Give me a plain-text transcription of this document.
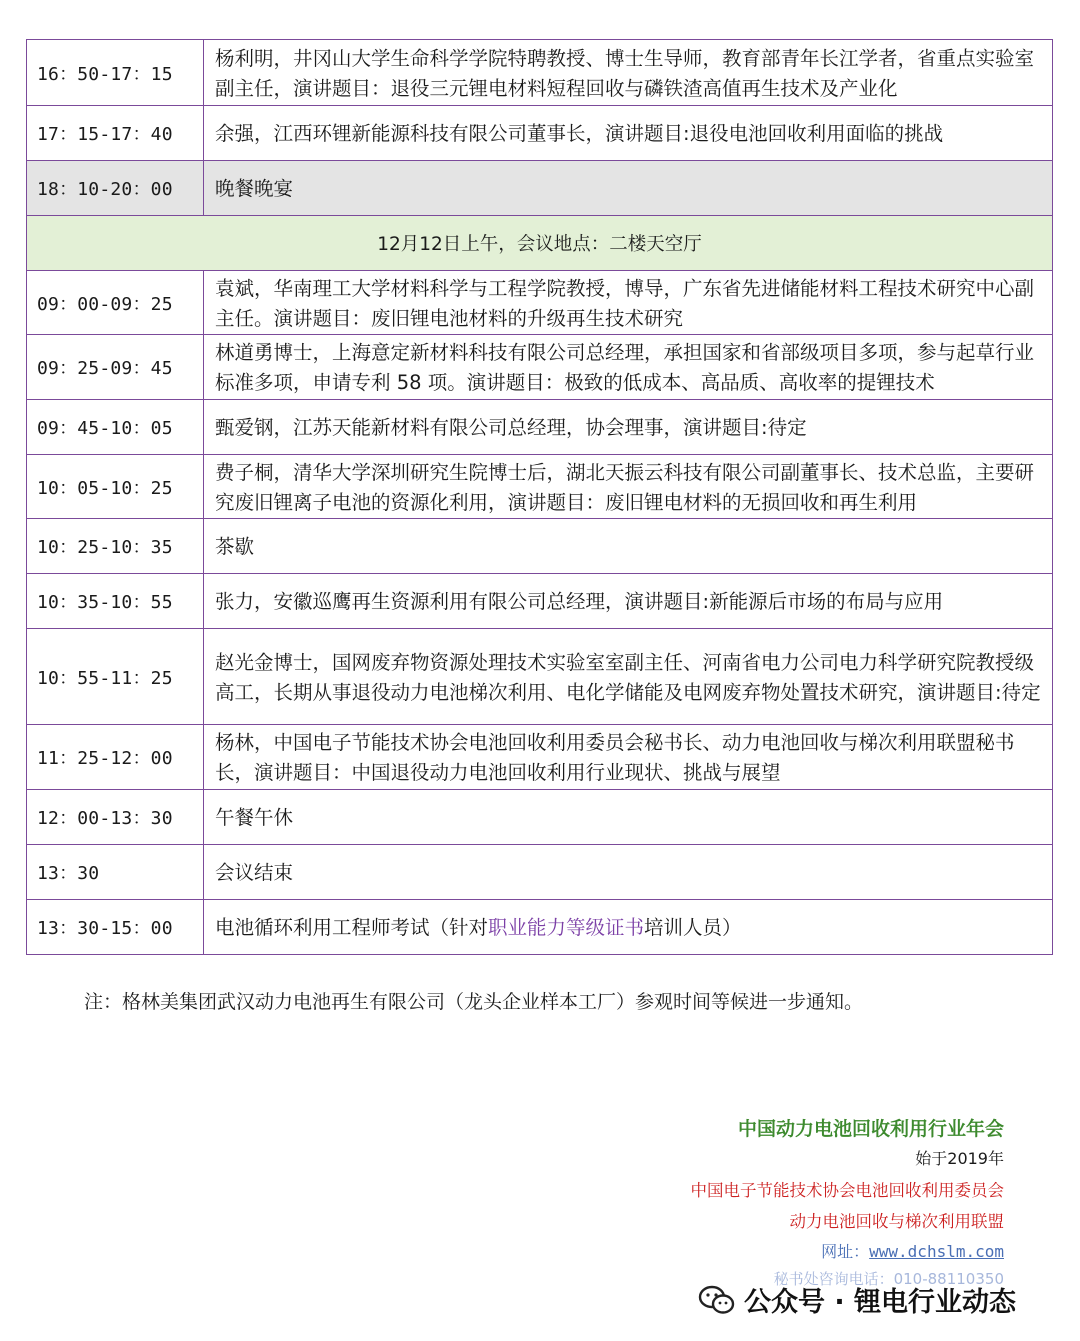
16：50-17：15	杨利明，井冈山大学生命科学学院特聘教授、博士生导师，教育部青年长江学者，省重点实验室副主任，演讲题目：退役三元锂电材料短程回收与磷铁渣高值再生技术及产业化
17：15-17：40	余强，江西环锂新能源科技有限公司董事长，演讲题目:退役电池回收利用面临的挑战
18：10-20：00	晚餐晚宴
12月12日上午，会议地点：二楼天空厅	
09：00-09：25	袁斌，华南理工大学材料科学与工程学院教授，博导，广东省先进储能材料工程技术研究中心副主任。演讲题目：废旧锂电池材料的升级再生技术研究
09：25-09：45	林道勇博士，上海意定新材料科技有限公司总经理，承担国家和省部级项目多项，参与起草行业标准多项，申请专利 58 项。演讲题目：极致的低成本、高品质、高收率的提锂技术
09：45-10：05	甄爱钢，江苏天能新材料有限公司总经理，协会理事，演讲题目:待定
10：05-10：25	费子桐，清华大学深圳研究生院博士后，湖北天振云科技有限公司副董事长、技术总监，主要研究废旧锂离子电池的资源化利用，演讲题目：废旧锂电材料的无损回收和再生利用
10：25-10：35	茶歇
10：35-10：55	张力，安徽巡鹰再生资源利用有限公司总经理，演讲题目:新能源后市场的布局与应用
10：55-11：25	赵光金博士，国网废弃物资源处理技术实验室室副主任、河南省电力公司电力科学研究院教授级高工，长期从事退役动力电池梯次利用、电化学储能及电网废弃物处置技术研究，演讲题目:待定
11：25-12：00	杨林，中国电子节能技术协会电池回收利用委员会秘书长、动力电池回收与梯次利用联盟秘书长，演讲题目：中国退役动力电池回收利用行业现状、挑战与展望
12：00-13：30	午餐午休
13：30	会议结束
13：30-15：00	电池循环利用工程师考试（针对职业能力等级证书培训人员）
注：格林美集团武汉动力电池再生有限公司（龙头企业样本工厂）参观时间等候进一步通知。
中国动力电池回收利用行业年会
始于2019年
中国电子节能技术协会电池回收利用委员会
动力电池回收与梯次利用联盟
网址：www.dchslm.com
秘书处咨询电话：010-88110350
公众号 · 锂电行业动态
